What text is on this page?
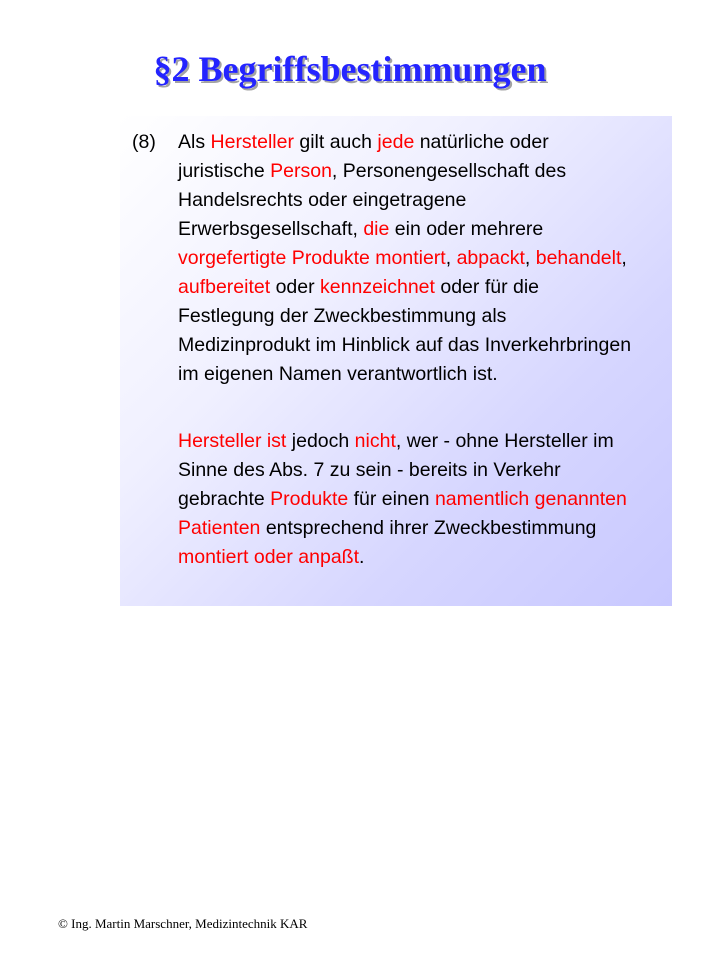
§2 Begriffsbestimmungen
(8) Als Hersteller gilt auch jede natürliche oder juristische Person, Personengesellschaft des Handelsrechts oder eingetragene Erwerbsgesellschaft, die ein oder mehrere vorgefertigte Produkte montiert, abpackt, behandelt, aufbereitet oder kennzeichnet oder für die Festlegung der Zweckbestimmung als Medizinprodukt im Hinblick auf das Inverkehrbringen im eigenen Namen verantwortlich ist.
Hersteller ist jedoch nicht, wer - ohne Hersteller im Sinne des Abs. 7 zu sein - bereits in Verkehr gebrachte Produkte für einen namentlich genannten Patienten entsprechend ihrer Zweckbestimmung montiert oder anpaßt.
© Ing. Martin Marschner, Medizintechnik KAR
